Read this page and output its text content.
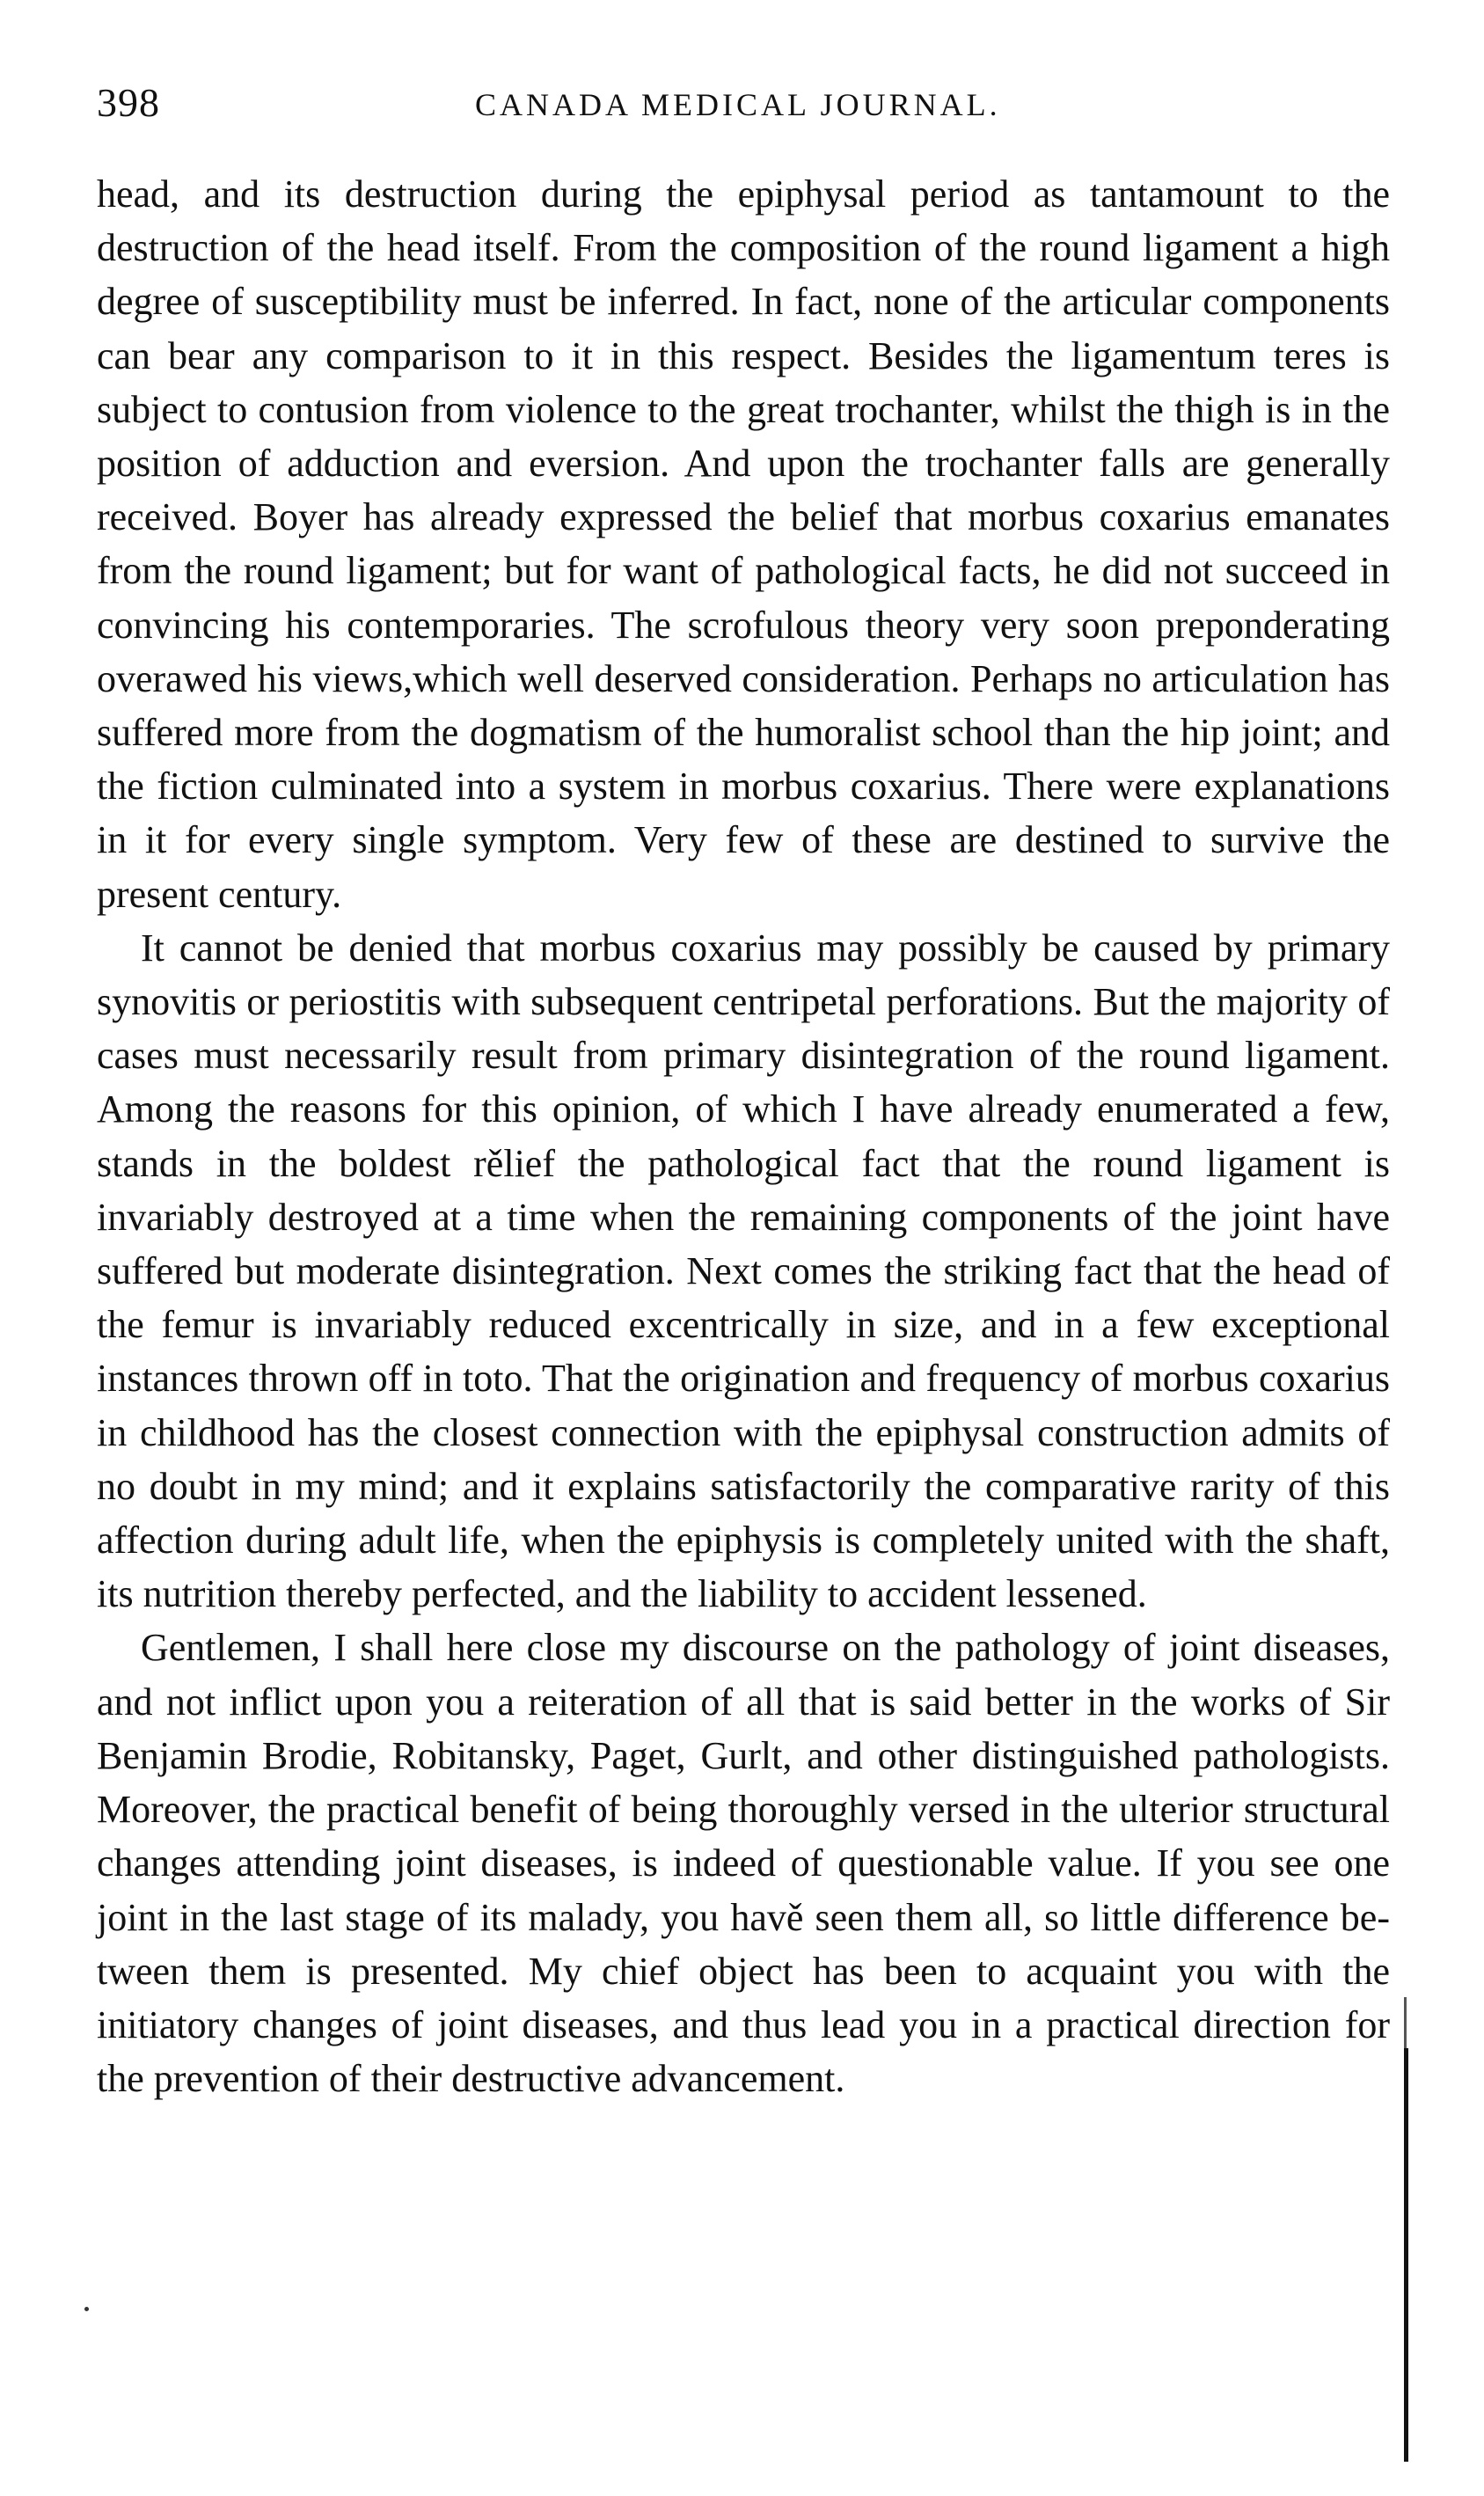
398	CANADA MEDICAL JOURNAL.

head, and its destruction during the epiphysal period as tantamount to the destruction of the head itself. From the composition of the round ligament a high degree of susceptibility must be inferred. In fact, none of the articular components can bear any comparison to it in this respect. Besides the ligamentum teres is subject to contusion from violence to the great trochanter, whilst the thigh is in the position of adduction and eversion. And upon the trochanter falls are generally received. Boyer has already expressed the belief that morbus coxarius emanates from the round ligament; but for want of pathological facts, he did not succeed in convincing his contemporaries. The scrofulous theory very soon preponderating overawed his views,which well deserved consideration. Perhaps no articulation has suffered more from the dogmatism of the humoralist school than the hip joint; and the fiction culminated into a system in morbus coxarius. There were explanations in it for every single symptom. Very few of these are destined to survive the present century.

It cannot be denied that morbus coxarius may possibly be caused by primary synovitis or periostitis with subsequent centripetal perforations. But the majority of cases must necessarily result from primary disintegration of the round ligament. Among the reasons for this opinion, of which I have already enumerated a few, stands in the boldest rělief the pathological fact that the round ligament is invariably destroyed at a time when the remaining components of the joint have suffered but moderate disintegration. Next comes the striking fact that the head of the femur is invariably reduced excentrically in size, and in a few exceptional instances thrown off in toto. That the origination and frequency of morbus coxarius in childhood has the closest connection with the epiphysal construction admits of no doubt in my mind; and it explains satisfactorily the comparative rarity of this affection during adult life, when the epiphysis is completely united with the shaft, its nutrition thereby perfected, and the liability to accident lessened.

Gentlemen, I shall here close my discourse on the pathology of joint diseases, and not inflict upon you a reiteration of all that is said better in the works of Sir Benjamin Brodie, Robitansky, Paget, Gurlt, and other distinguished pathologists. Moreover, the practical benefit of being thoroughly versed in the ulterior structural changes attending joint diseases, is indeed of questionable value. If you see one joint in the last stage of its malady, you havě seen them all, so little difference between them is presented. My chief object has been to acquaint you with the initiatory changes of joint diseases, and thus lead you in a practical direction for the prevention of their destructive advancement.
